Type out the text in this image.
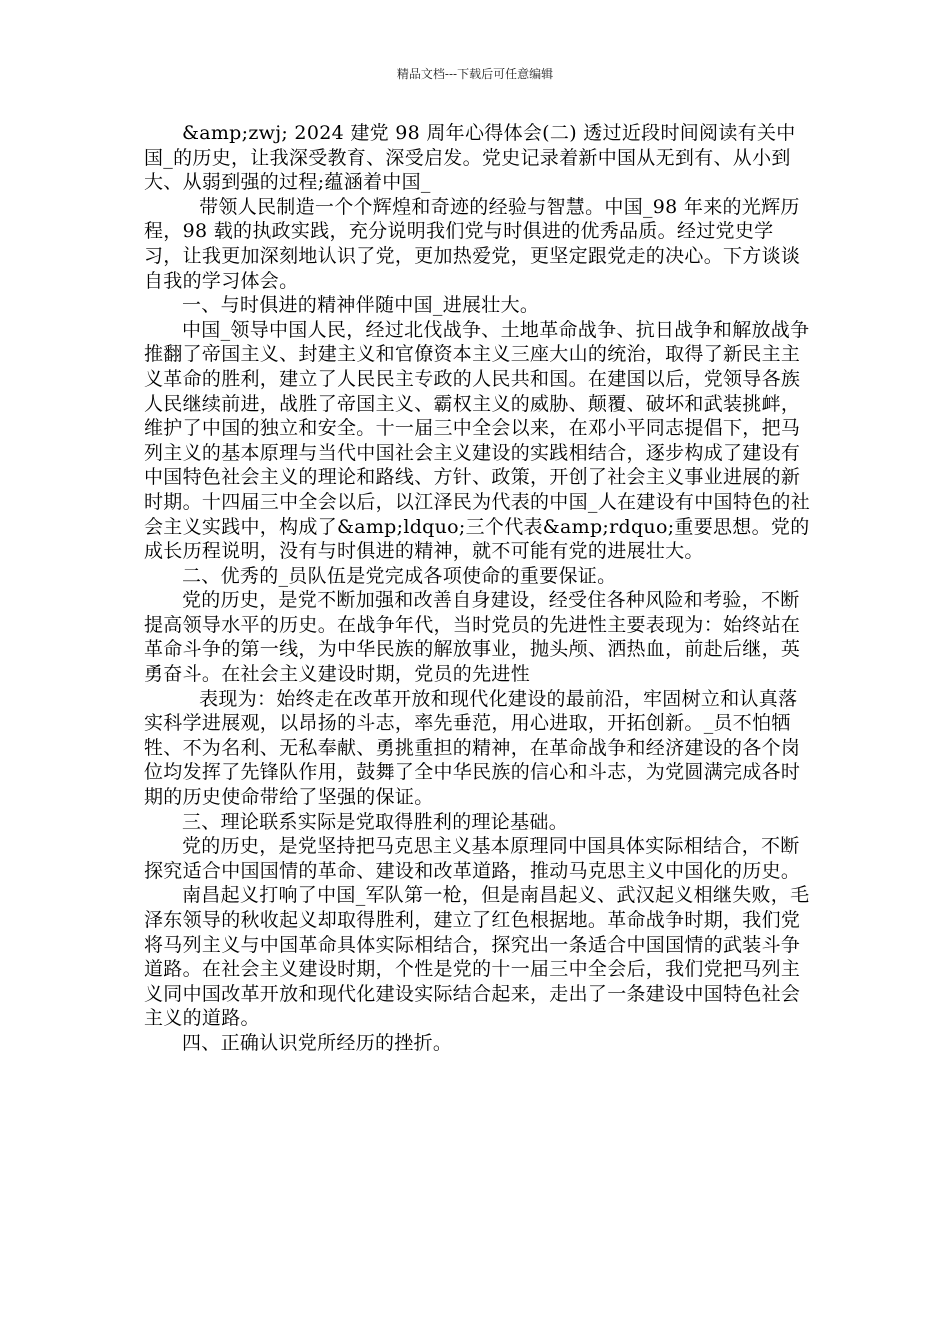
精品文档---下载后可任意编辑

&amp;zwj; 2024 建党 98 周年心得体会(二) 透过近段时间阅读有关中国_的历史，让我深受教育、深受启发。党史记录着新中国从无到有、从小到大、从弱到强的过程;蕴涵着中国_

带领人民制造一个个辉煌和奇迹的经验与智慧。中国_98 年来的光辉历程，98 载的执政实践，充分说明我们党与时俱进的优秀品质。经过党史学习，让我更加深刻地认识了党，更加热爱党，更坚定跟党走的决心。下方谈谈自我的学习体会。

一、与时俱进的精神伴随中国_进展壮大。

中国_领导中国人民，经过北伐战争、土地革命战争、抗日战争和解放战争推翻了帝国主义、封建主义和官僚资本主义三座大山的统治，取得了新民主主义革命的胜利，建立了人民民主专政的人民共和国。在建国以后，党领导各族人民继续前进，战胜了帝国主义、霸权主义的威胁、颠覆、破坏和武装挑衅，维护了中国的独立和安全。十一届三中全会以来，在邓小平同志提倡下，把马列主义的基本原理与当代中国社会主义建设的实践相结合，逐步构成了建设有中国特色社会主义的理论和路线、方针、政策，开创了社会主义事业进展的新时期。十四届三中全会以后，以江泽民为代表的中国_人在建设有中国特色的社会主义实践中，构成了&amp;ldquo;三个代表&amp;rdquo;重要思想。党的成长历程说明，没有与时俱进的精神，就不可能有党的进展壮大。

二、优秀的_员队伍是党完成各项使命的重要保证。

党的历史，是党不断加强和改善自身建设，经受住各种风险和考验，不断提高领导水平的历史。在战争年代，当时党员的先进性主要表现为：始终站在革命斗争的第一线，为中华民族的解放事业，抛头颅、洒热血，前赴后继，英勇奋斗。在社会主义建设时期，党员的先进性

表现为：始终走在改革开放和现代化建设的最前沿，牢固树立和认真落实科学进展观，以昂扬的斗志，率先垂范，用心进取，开拓创新。_员不怕牺牲、不为名利、无私奉献、勇挑重担的精神，在革命战争和经济建设的各个岗位均发挥了先锋队作用，鼓舞了全中华民族的信心和斗志，为党圆满完成各时期的历史使命带给了坚强的保证。

三、理论联系实际是党取得胜利的理论基础。

党的历史，是党坚持把马克思主义基本原理同中国具体实际相结合，不断探究适合中国国情的革命、建设和改革道路，推动马克思主义中国化的历史。

南昌起义打响了中国_军队第一枪，但是南昌起义、武汉起义相继失败，毛泽东领导的秋收起义却取得胜利，建立了红色根据地。革命战争时期，我们党将马列主义与中国革命具体实际相结合，探究出一条适合中国国情的武装斗争道路。在社会主义建设时期，个性是党的十一届三中全会后，我们党把马列主义同中国改革开放和现代化建设实际结合起来，走出了一条建设中国特色社会主义的道路。

四、正确认识党所经历的挫折。
